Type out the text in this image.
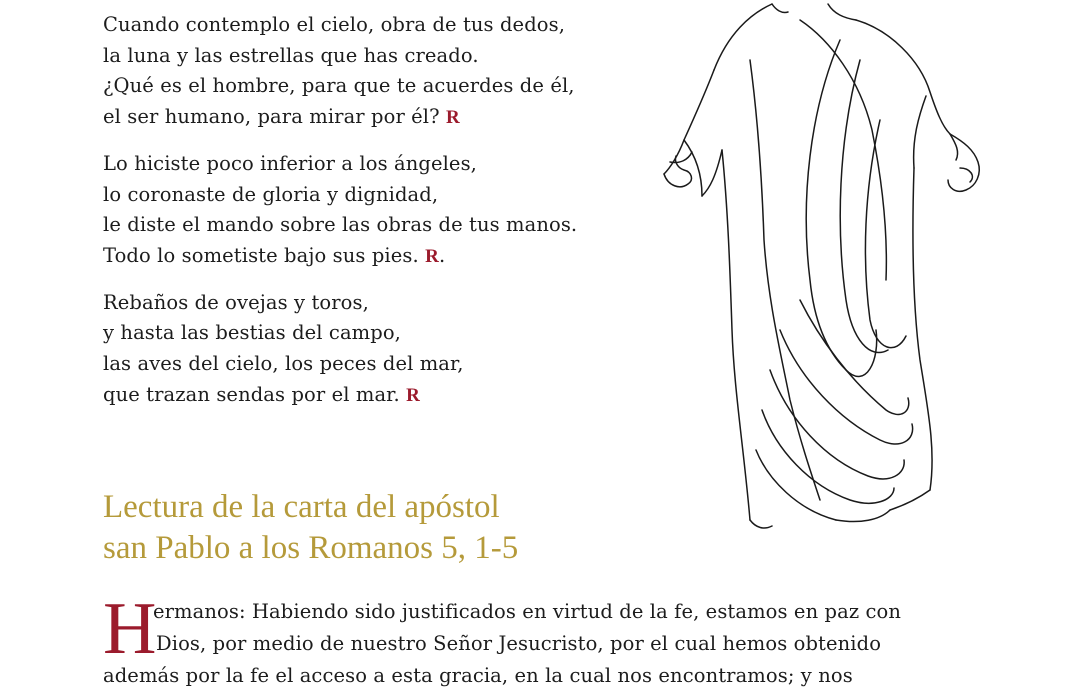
Cuando contemplo el cielo, obra de tus dedos,
la luna y las estrellas que has creado.
¿Qué es el hombre, para que te acuerdes de él,
el ser humano, para mirar por él? R
Lo hiciste poco inferior a los ángeles,
lo coronaste de gloria y dignidad,
le diste el mando sobre las obras de tus manos.
Todo lo sometiste bajo sus pies. R.
Rebaños de ovejas y toros,
y hasta las bestias del campo,
las aves del cielo, los peces del mar,
que trazan sendas por el mar. R
Lectura de la carta del apóstol
san Pablo a los Romanos 5, 1-5
H
ermanos: Habiendo sido justificados en virtud de la fe, estamos en paz con
Dios, por medio de nuestro Señor Jesucristo, por el cual hemos obtenido
además por la fe el acceso a esta gracia, en la cual nos encontramos; y nos
